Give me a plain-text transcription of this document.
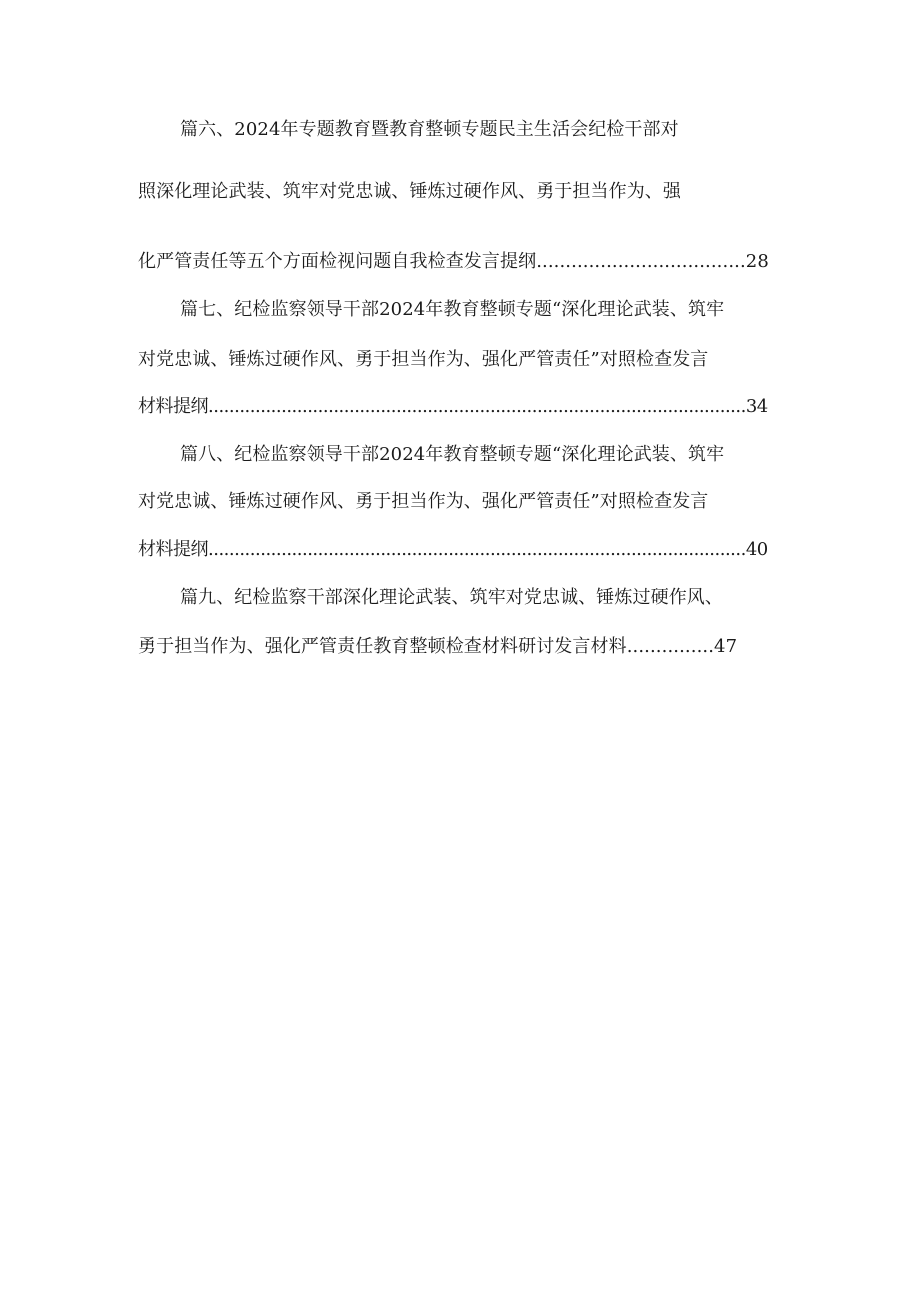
篇六、2024年专题教育暨教育整顿专题民主生活会纪检干部对
照深化理论武装、筑牢对党忠诚、锤炼过硬作风、勇于担当作为、强
化严管责任等五个方面检视问题自我检查发言提纲....................................28
篇七、纪检监察领导干部2024年教育整顿专题“深化理论武装、筑牢
对党忠诚、锤炼过硬作风、勇于担当作为、强化严管责任”对照检查发言
材料提纲.......................................................................................................34
篇八、纪检监察领导干部2024年教育整顿专题“深化理论武装、筑牢
对党忠诚、锤炼过硬作风、勇于担当作为、强化严管责任”对照检查发言
材料提纲.......................................................................................................40
篇九、纪检监察干部深化理论武装、筑牢对党忠诚、锤炼过硬作风、
勇于担当作为、强化严管责任教育整顿检查材料研讨发言材料...............47
